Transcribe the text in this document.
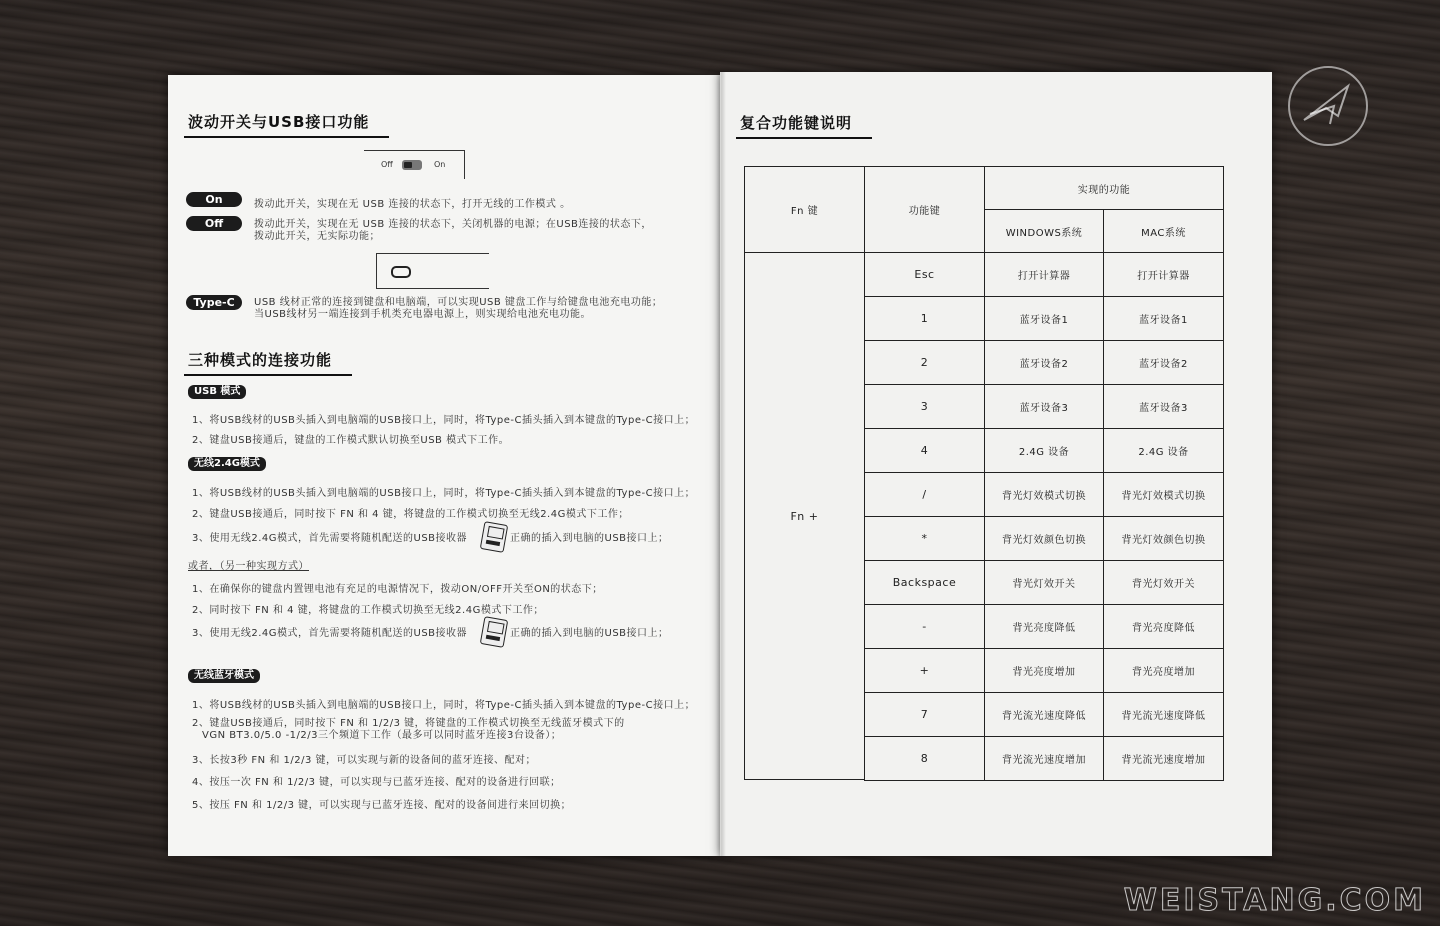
波动开关与USB接口功能
Off	On
On	拨动此开关，实现在无 USB 连接的状态下，打开无线的工作模式 。
Off	拨动此开关，实现在无 USB 连接的状态下，关闭机器的电源；在USB连接的状态下，
拨动此开关，无实际功能；
Type-C	USB 线材正常的连接到键盘和电脑端，可以实现USB 键盘工作与给键盘电池充电功能；
当USB线材另一端连接到手机类充电器电源上，则实现给电池充电功能。
三种模式的连接功能
USB 模式
1、将USB线材的USB头插入到电脑端的USB接口上，同时，将Type-C插头插入到本键盘的Type-C接口上；
2、键盘USB接通后，键盘的工作模式默认切换至USB 模式下工作。
无线2.4G模式
1、将USB线材的USB头插入到电脑端的USB接口上，同时，将Type-C插头插入到本键盘的Type-C接口上；
2、键盘USB接通后，同时按下 FN 和 4 键，将键盘的工作模式切换至无线2.4G模式下工作；
3、使用无线2.4G模式，首先需要将随机配送的USB接收器	正确的插入到电脑的USB接口上；
或者，（另一种实现方式）
1、在确保你的键盘内置锂电池有充足的电源情况下，拨动ON/OFF开关至ON的状态下；
2、同时按下 FN 和 4 键，将键盘的工作模式切换至无线2.4G模式下工作；
3、使用无线2.4G模式，首先需要将随机配送的USB接收器	正确的插入到电脑的USB接口上；
无线蓝牙模式
1、将USB线材的USB头插入到电脑端的USB接口上，同时，将Type-C插头插入到本键盘的Type-C接口上；
2、键盘USB接通后，同时按下 FN 和 1/2/3 键，将键盘的工作模式切换至无线蓝牙模式下的
VGN BT3.0/5.0 -1/2/3三个频道下工作（最多可以同时蓝牙连接3台设备）；
3、长按3秒 FN 和 1/2/3 键，可以实现与新的设备间的蓝牙连接、配对；
4、按压一次 FN 和 1/2/3 键，可以实现与已蓝牙连接、配对的设备进行回联；
5、按压 FN 和 1/2/3 键，可以实现与已蓝牙连接、配对的设备间进行来回切换；
复合功能键说明
Fn 键	功能键
实现的功能
WINDOWS系统	MAC系统
Fn +
Esc	打开计算器	打开计算器
1	蓝牙设备1	蓝牙设备1
2	蓝牙设备2	蓝牙设备2
3	蓝牙设备3	蓝牙设备3
4	2.4G 设备	2.4G 设备
/	背光灯效模式切换	背光灯效模式切换
*	背光灯效颜色切换	背光灯效颜色切换
Backspace	背光灯效开关	背光灯效开关
-	背光亮度降低	背光亮度降低
+	背光亮度增加	背光亮度增加
7	背光流光速度降低	背光流光速度降低
8	背光流光速度增加	背光流光速度增加
WEISTANG.COM
